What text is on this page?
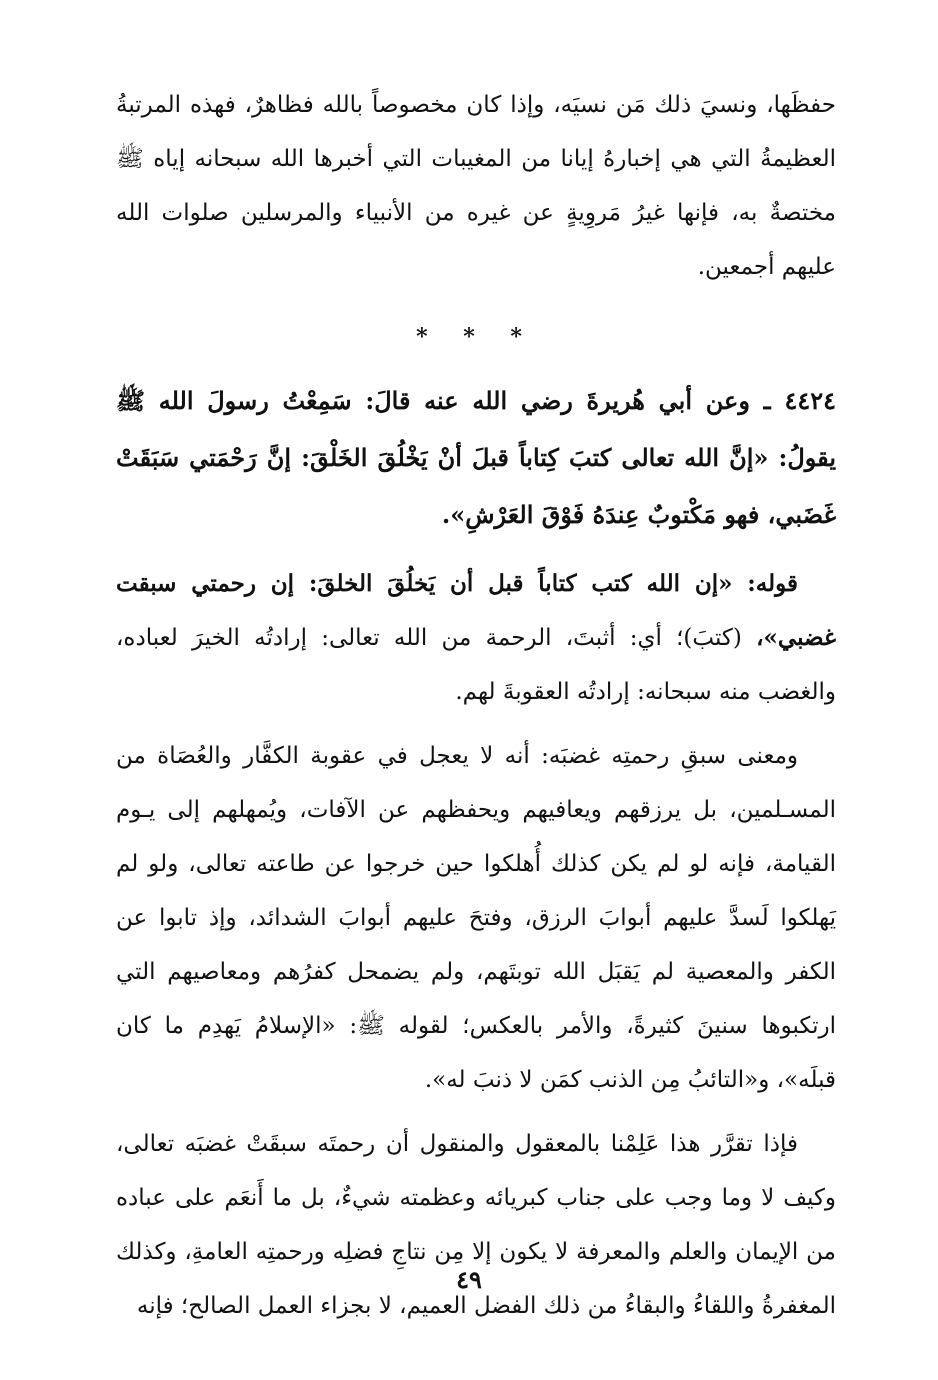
حفظَها، ونسيَ ذلك مَن نسيَه، وإذا كان مخصوصاً بالله فظاهرٌ، فهذه المرتبةُ العظيمةُ التي هي إخبارهُ إيانا من المغيبات التي أخبرها الله سبحانه إياه ﷺ مختصةٌ به، فإنها غيرُ مَروِيةٍ عن غيره من الأنبياء والمرسلين صلوات الله عليهم أجمعين.

* * *

٤٤٢٤ ـ وعن أبي هُريرةَ رضي الله عنه قالَ: سَمِعْتُ رسولَ الله ﷺ يقولُ: «إنَّ الله تعالى كتبَ كِتاباً قبلَ أنْ يَخْلُقَ الخَلْقَ: إنَّ رَحْمَتي سَبَقَتْ غَضَبي، فهو مَكْتوبٌ عِندَهُ فَوْقَ العَرْشِ».

قوله: «إن الله كتب كتاباً قبل أن يَخلُقَ الخلقَ: إن رحمتي سبقت غضبي»، (كتبَ)؛ أي: أثبتَ، الرحمة من الله تعالى: إرادتُه الخيرَ لعباده، والغضب منه سبحانه: إرادتُه العقوبةَ لهم.

ومعنى سبقِ رحمتِه غضبَه: أنه لا يعجل في عقوبة الكفَّار والعُصَاة من المسـلمين، بل يرزقهم ويعافيهم ويحفظهم عن الآفات، ويُمهلهم إلى يـوم القيامة، فإنه لو لم يكن كذلك أُهلكوا حين خرجوا عن طاعته تعالى، ولو لم يَهلكوا لَسدَّ عليهم أبوابَ الرزق، وفتحَ عليهم أبوابَ الشدائد، وإذ تابوا عن الكفر والمعصية لم يَقبَل الله توبتَهم، ولم يضمحل كفرُهم ومعاصيهم التي ارتكبوها سنينَ كثيرةً، والأمر بالعكس؛ لقوله ﷺ: «الإسلامُ يَهدِم ما كان قبلَه»، و«التائبُ مِن الذنب كمَن لا ذنبَ له».

فإذا تقرَّر هذا عَلِمْنا بالمعقول والمنقول أن رحمتَه سبقَتْ غضبَه تعالى، وكيف لا وما وجب على جناب كبريائه وعظمته شيءٌ، بل ما أَنعَم على عباده من الإيمان والعلم والمعرفة لا يكون إلا مِن نتاجِ فضلِه ورحمتِه العامةِ، وكذلك المغفرةُ واللقاءُ والبقاءُ من ذلك الفضل العميم، لا بجزاء العمل الصالح؛ فإنه

٤٩
